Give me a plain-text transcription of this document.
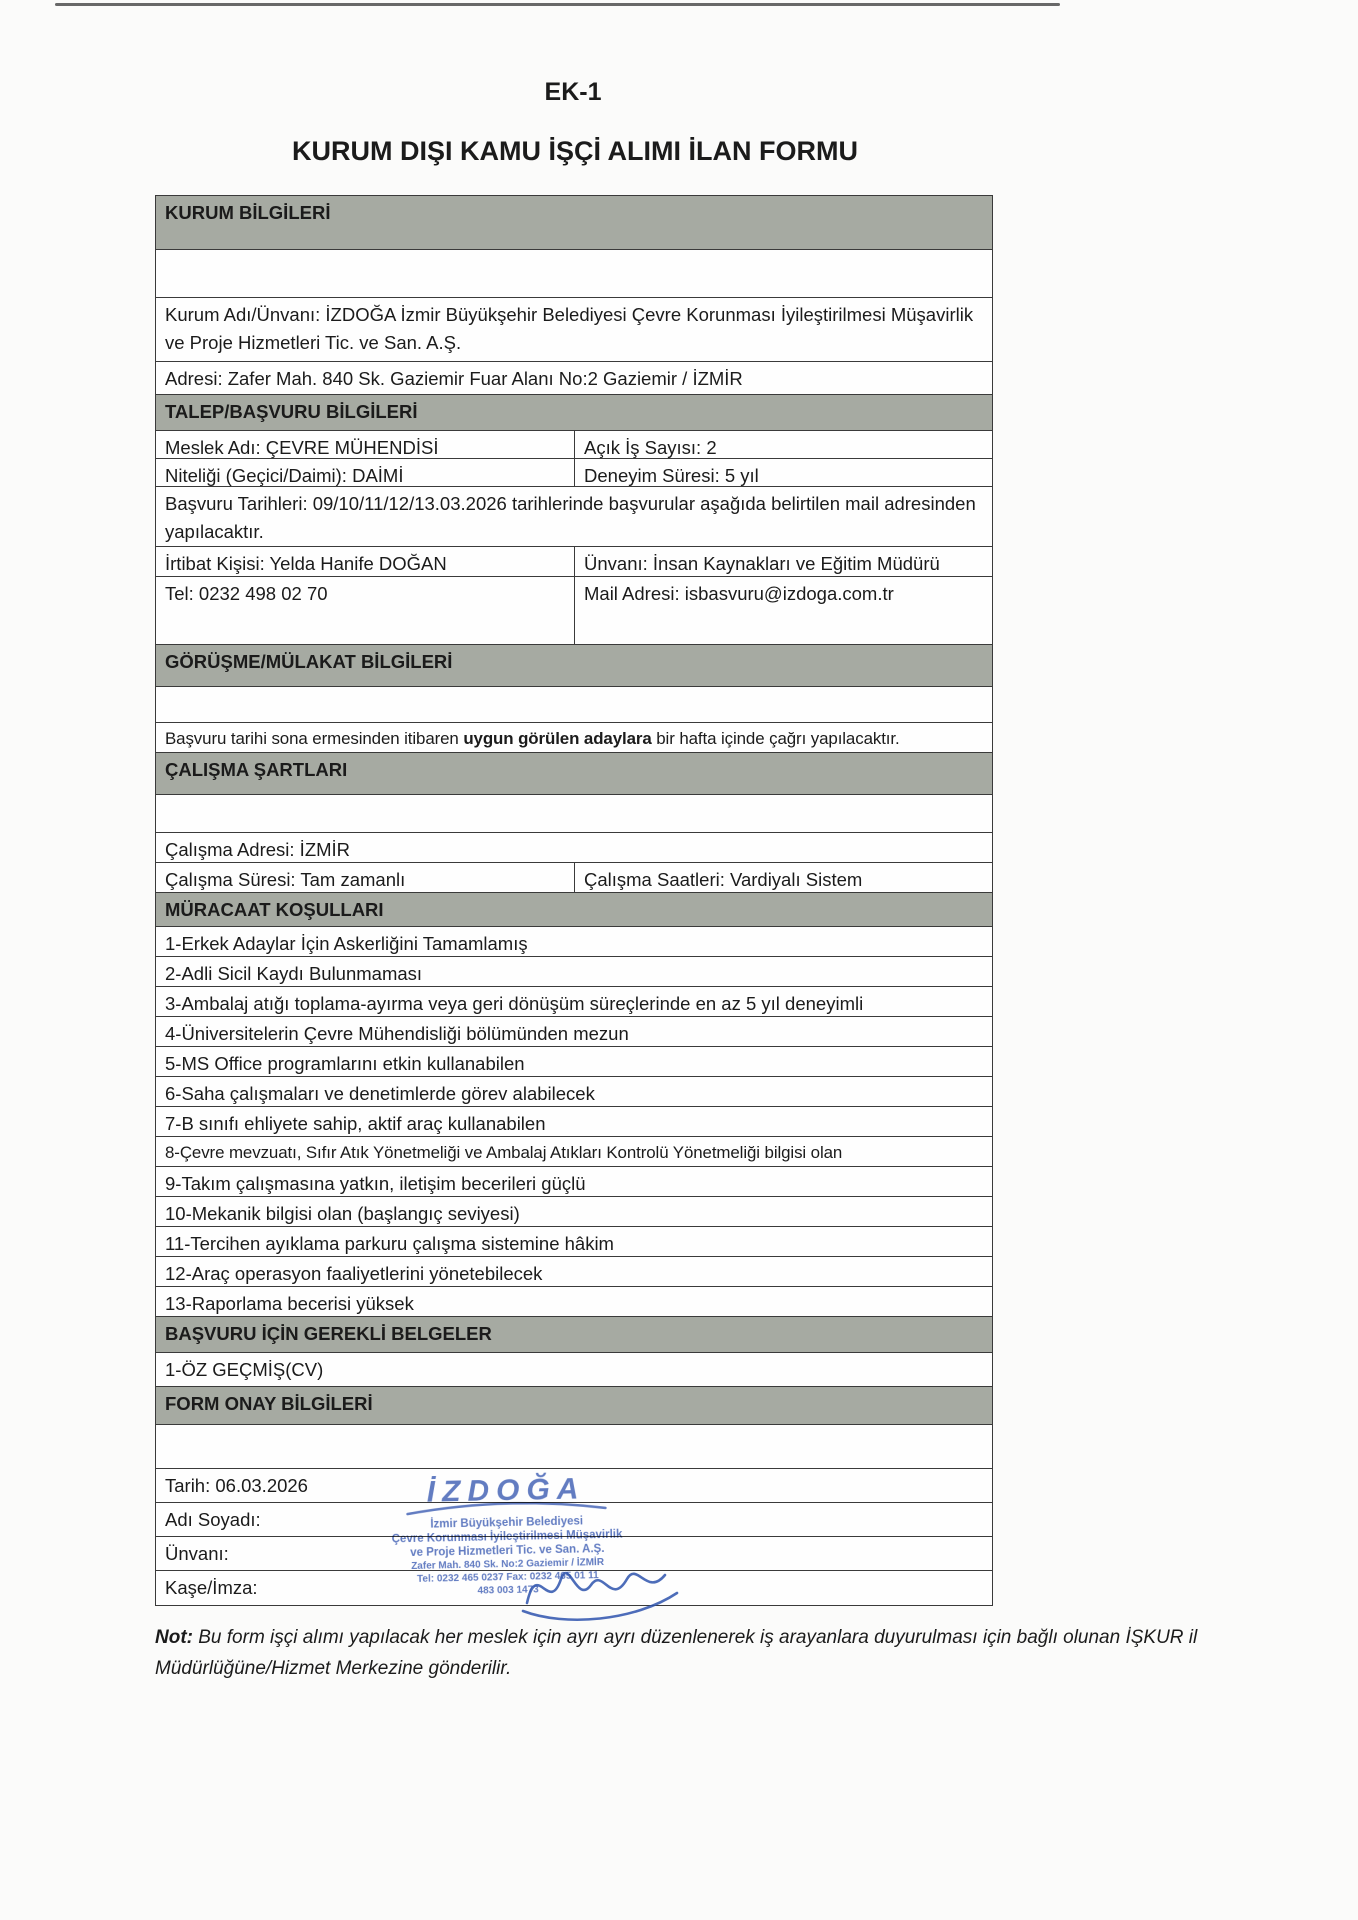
EK-1
KURUM DIŞI KAMU İŞÇİ ALIMI İLAN FORMU
KURUM BİLGİLERİ
Kurum Adı/Ünvanı: İZDOĞA İzmir Büyükşehir Belediyesi Çevre Korunması İyileştirilmesi Müşavirlik ve Proje Hizmetleri Tic. ve San. A.Ş.
Adresi: Zafer Mah. 840 Sk. Gaziemir Fuar Alanı No:2 Gaziemir / İZMİR
TALEP/BAŞVURU BİLGİLERİ
Meslek Adı: ÇEVRE MÜHENDİSİ	Açık İş Sayısı: 2
Niteliği (Geçici/Daimi): DAİMİ	Deneyim Süresi: 5 yıl
Başvuru Tarihleri: 09/10/11/12/13.03.2026 tarihlerinde başvurular aşağıda belirtilen mail adresinden yapılacaktır.
İrtibat Kişisi: Yelda Hanife DOĞAN	Ünvanı: İnsan Kaynakları ve Eğitim Müdürü
Tel: 0232 498 02 70	Mail Adresi: isbasvuru@izdoga.com.tr
GÖRÜŞME/MÜLAKAT BİLGİLERİ
Başvuru tarihi sona ermesinden itibaren uygun görülen adaylara bir hafta içinde çağrı yapılacaktır.
ÇALIŞMA ŞARTLARI
Çalışma Adresi: İZMİR
Çalışma Süresi: Tam zamanlı	Çalışma Saatleri: Vardiyalı Sistem
MÜRACAAT KOŞULLARI
1-Erkek Adaylar İçin Askerliğini Tamamlamış
2-Adli Sicil Kaydı Bulunmaması
3-Ambalaj atığı toplama-ayırma veya geri dönüşüm süreçlerinde en az 5 yıl deneyimli
4-Üniversitelerin Çevre Mühendisliği bölümünden mezun
5-MS Office programlarını etkin kullanabilen
6-Saha çalışmaları ve denetimlerde görev alabilecek
7-B sınıfı ehliyete sahip, aktif araç kullanabilen
8-Çevre mevzuatı, Sıfır Atık Yönetmeliği ve Ambalaj Atıkları Kontrolü Yönetmeliği bilgisi olan
9-Takım çalışmasına yatkın, iletişim becerileri güçlü
10-Mekanik bilgisi olan (başlangıç seviyesi)
11-Tercihen ayıklama parkuru çalışma sistemine hâkim
12-Araç operasyon faaliyetlerini yönetebilecek
13-Raporlama becerisi yüksek
BAŞVURU İÇİN GEREKLİ BELGELER
1-ÖZ GEÇMİŞ(CV)
FORM ONAY BİLGİLERİ
Tarih: 06.03.2026
Adı Soyadı:
Ünvanı:
Kaşe/İmza:
İZDOĞA
İzmir Büyükşehir Belediyesi
Çevre Korunması İyileştirilmesi Müşavirlik
ve Proje Hizmetleri Tic. ve San. A.Ş.
Zafer Mah. 840 Sk. No:2 Gaziemir / İZMİR
Tel: 0232 465 0237 Fax: 0232 465 01 11
483 003 1473
Not: Bu form işçi alımı yapılacak her meslek için ayrı ayrı düzenlenerek iş arayanlara duyurulması için bağlı olunan İŞKUR il Müdürlüğüne/Hizmet Merkezine gönderilir.
